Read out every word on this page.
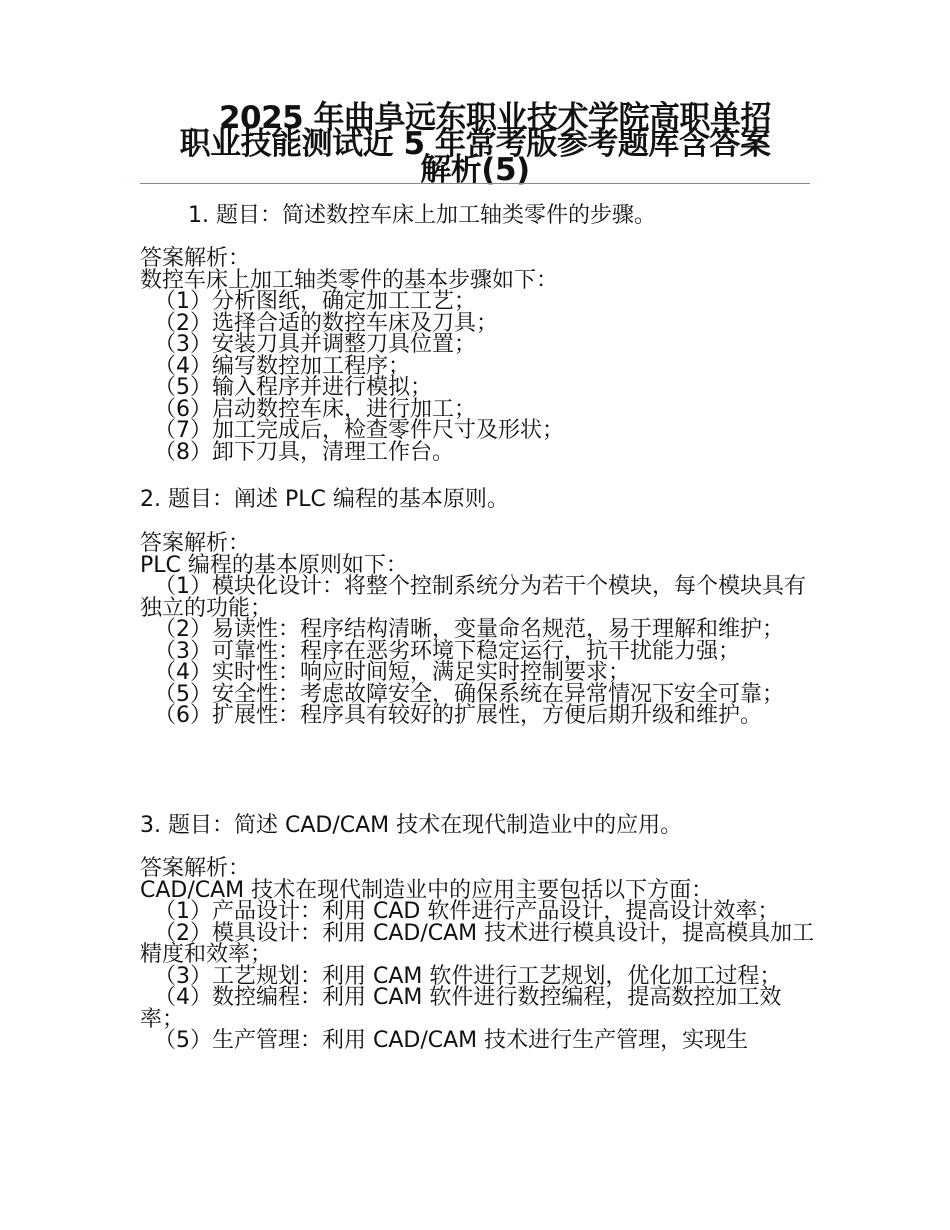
2025 年曲阜远东职业技术学院高职单招
职业技能测试近 5 年常考版参考题库含答案
解析(5)
1. 题目：简述数控车床上加工轴类零件的步骤。
答案解析：
数控车床上加工轴类零件的基本步骤如下：
（1）分析图纸，确定加工工艺；
（2）选择合适的数控车床及刀具；
（3）安装刀具并调整刀具位置；
（4）编写数控加工程序；
（5）输入程序并进行模拟；
（6）启动数控车床，进行加工；
（7）加工完成后，检查零件尺寸及形状；
（8）卸下刀具，清理工作台。
2. 题目：阐述 PLC 编程的基本原则。
答案解析：
PLC 编程的基本原则如下：
（1）模块化设计：将整个控制系统分为若干个模块，每个模块具有独立的功能；
（2）易读性：程序结构清晰，变量命名规范，易于理解和维护；
（3）可靠性：程序在恶劣环境下稳定运行，抗干扰能力强；
（4）实时性：响应时间短，满足实时控制要求；
（5）安全性：考虑故障安全，确保系统在异常情况下安全可靠；
（6）扩展性：程序具有较好的扩展性，方便后期升级和维护。
3. 题目：简述 CAD/CAM 技术在现代制造业中的应用。
答案解析：
CAD/CAM 技术在现代制造业中的应用主要包括以下方面：
（1）产品设计：利用 CAD 软件进行产品设计，提高设计效率；
（2）模具设计：利用 CAD/CAM 技术进行模具设计，提高模具加工精度和效率；
（3）工艺规划：利用 CAM 软件进行工艺规划，优化加工过程；
（4）数控编程：利用 CAM 软件进行数控编程，提高数控加工效率；
（5）生产管理：利用 CAD/CAM 技术进行生产管理，实现生
